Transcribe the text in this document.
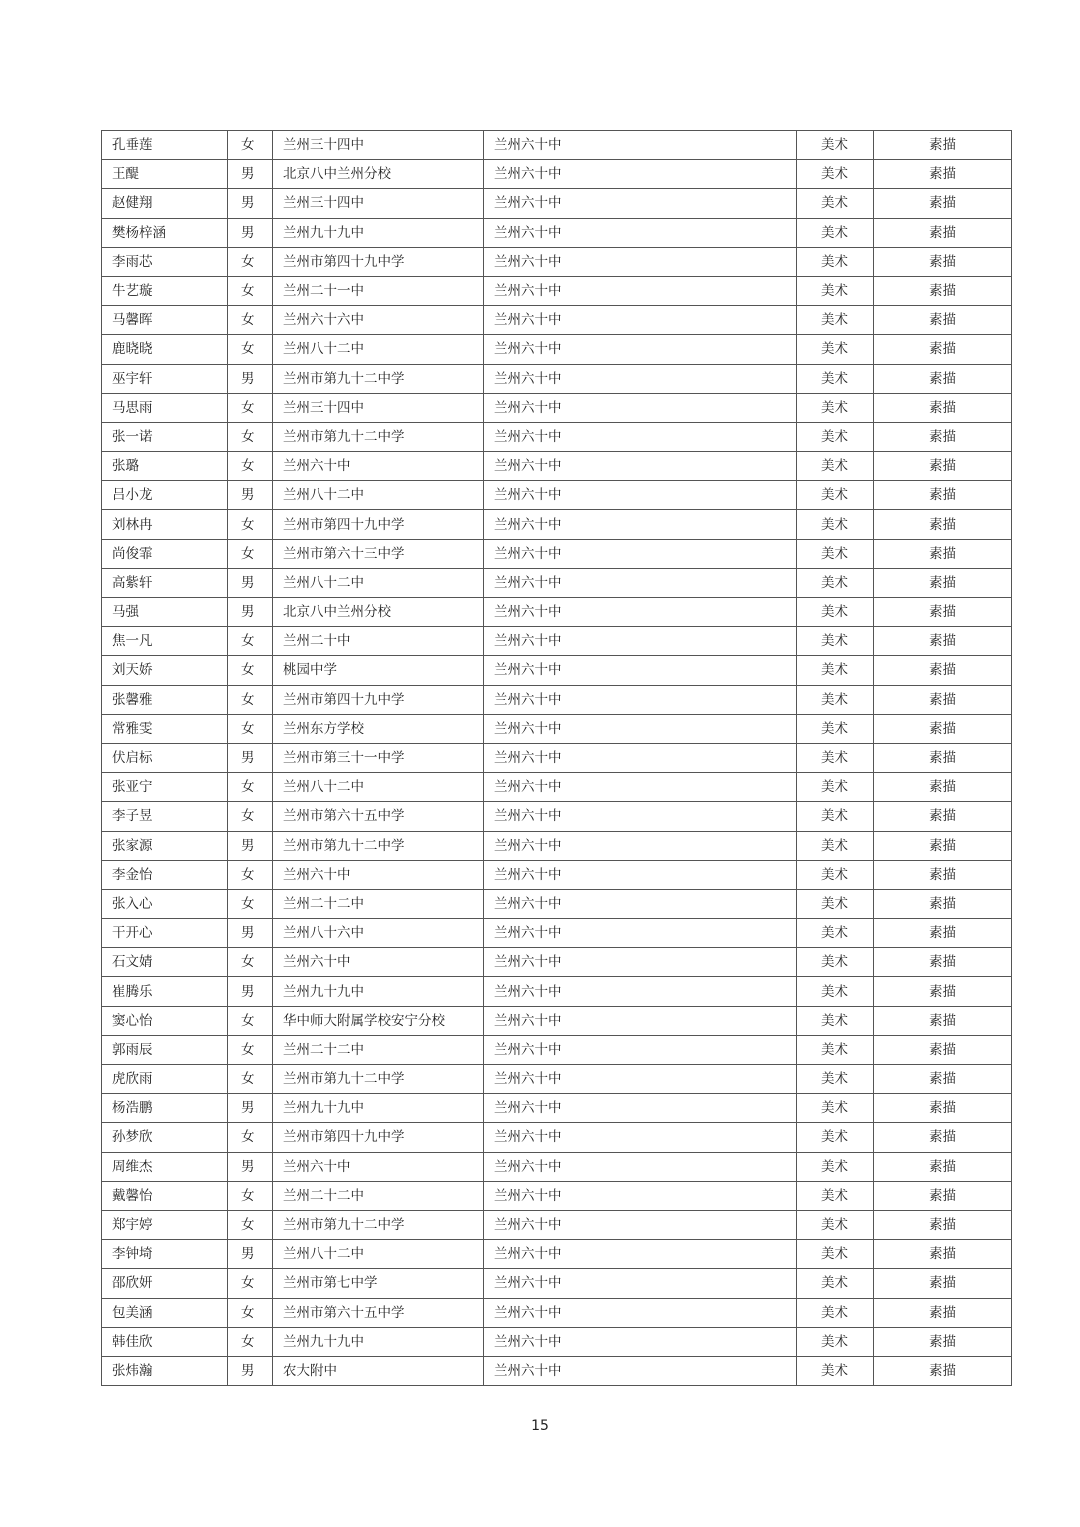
孔垂莲	女	兰州三十四中	兰州六十中	美术	素描
王醍	男	北京八中兰州分校	兰州六十中	美术	素描
赵健翔	男	兰州三十四中	兰州六十中	美术	素描
樊杨梓涵	男	兰州九十九中	兰州六十中	美术	素描
李雨芯	女	兰州市第四十九中学	兰州六十中	美术	素描
牛艺璇	女	兰州二十一中	兰州六十中	美术	素描
马馨晖	女	兰州六十六中	兰州六十中	美术	素描
鹿晓晓	女	兰州八十二中	兰州六十中	美术	素描
巫宇轩	男	兰州市第九十二中学	兰州六十中	美术	素描
马思雨	女	兰州三十四中	兰州六十中	美术	素描
张一诺	女	兰州市第九十二中学	兰州六十中	美术	素描
张璐	女	兰州六十中	兰州六十中	美术	素描
吕小龙	男	兰州八十二中	兰州六十中	美术	素描
刘林冉	女	兰州市第四十九中学	兰州六十中	美术	素描
尚俊霏	女	兰州市第六十三中学	兰州六十中	美术	素描
高紫轩	男	兰州八十二中	兰州六十中	美术	素描
马强	男	北京八中兰州分校	兰州六十中	美术	素描
焦一凡	女	兰州二十中	兰州六十中	美术	素描
刘天娇	女	桃园中学	兰州六十中	美术	素描
张馨雅	女	兰州市第四十九中学	兰州六十中	美术	素描
常雅雯	女	兰州东方学校	兰州六十中	美术	素描
伏启标	男	兰州市第三十一中学	兰州六十中	美术	素描
张亚宁	女	兰州八十二中	兰州六十中	美术	素描
李子昱	女	兰州市第六十五中学	兰州六十中	美术	素描
张家源	男	兰州市第九十二中学	兰州六十中	美术	素描
李金怡	女	兰州六十中	兰州六十中	美术	素描
张入心	女	兰州二十二中	兰州六十中	美术	素描
干开心	男	兰州八十六中	兰州六十中	美术	素描
石文婧	女	兰州六十中	兰州六十中	美术	素描
崔腾乐	男	兰州九十九中	兰州六十中	美术	素描
窦心怡	女	华中师大附属学校安宁分校	兰州六十中	美术	素描
郭雨辰	女	兰州二十二中	兰州六十中	美术	素描
虎欣雨	女	兰州市第九十二中学	兰州六十中	美术	素描
杨浩鹏	男	兰州九十九中	兰州六十中	美术	素描
孙梦欣	女	兰州市第四十九中学	兰州六十中	美术	素描
周维杰	男	兰州六十中	兰州六十中	美术	素描
戴馨怡	女	兰州二十二中	兰州六十中	美术	素描
郑宇婷	女	兰州市第九十二中学	兰州六十中	美术	素描
李钟埼	男	兰州八十二中	兰州六十中	美术	素描
邵欣妍	女	兰州市第七中学	兰州六十中	美术	素描
包美涵	女	兰州市第六十五中学	兰州六十中	美术	素描
韩佳欣	女	兰州九十九中	兰州六十中	美术	素描
张炜瀚	男	农大附中	兰州六十中	美术	素描
15
